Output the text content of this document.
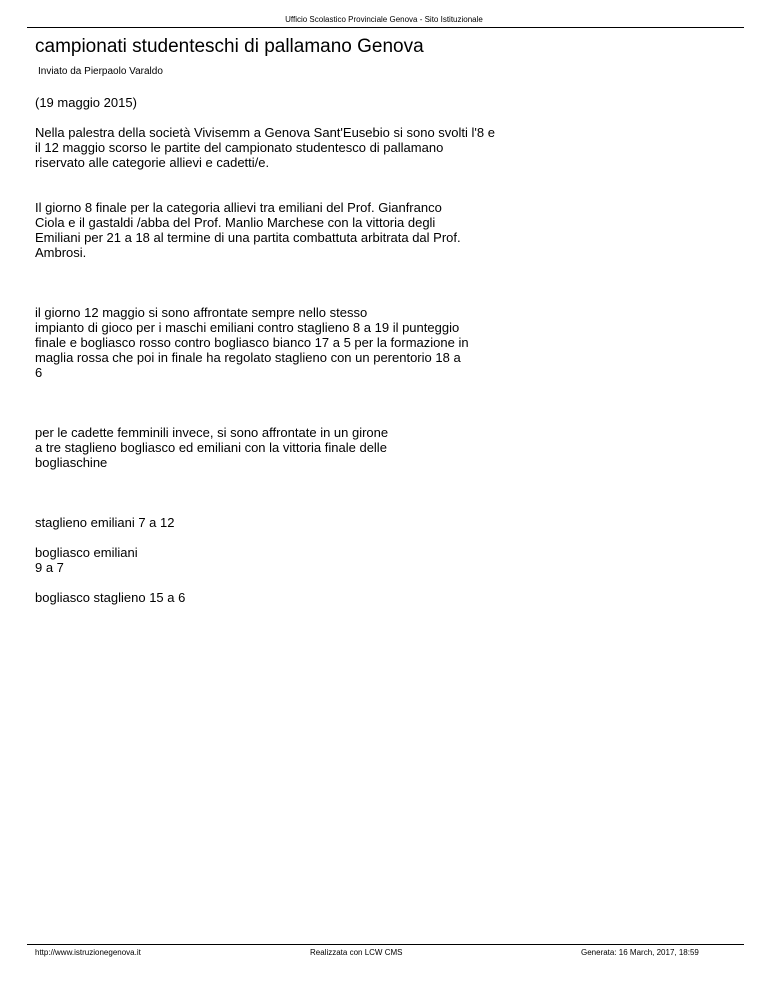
Ufficio Scolastico Provinciale Genova - Sito Istituzionale
campionati studenteschi di pallamano Genova
Inviato da Pierpaolo Varaldo

(19 maggio 2015)

Nella palestra della società Vivisemm a Genova Sant'Eusebio si sono svolti l'8 e
il 12 maggio scorso le partite del campionato studentesco di pallamano
riservato alle categorie allievi e cadetti/e.

Il giorno 8 finale per la categoria allievi tra emiliani del Prof. Gianfranco
Ciola e il gastaldi /abba del Prof. Manlio Marchese con la vittoria degli
Emiliani per 21 a 18 al termine di una partita combattuta arbitrata dal Prof.
Ambrosi.

il giorno 12 maggio si sono affrontate sempre nello stesso
impianto di gioco per i maschi emiliani contro staglieno 8 a 19 il punteggio
finale e bogliasco rosso contro bogliasco bianco 17 a 5 per la formazione in
maglia rossa che poi in finale ha regolato staglieno con un perentorio 18 a
6

per le cadette femminili invece, si sono affrontate in un girone
a tre staglieno bogliasco ed emiliani con la vittoria finale delle
bogliaschine

staglieno emiliani 7 a 12

bogliasco emiliani
9 a 7

bogliasco staglieno 15 a 6

http://www.istruzionegenova.it	Realizzata con LCW CMS	Generata: 16 March, 2017, 18:59
